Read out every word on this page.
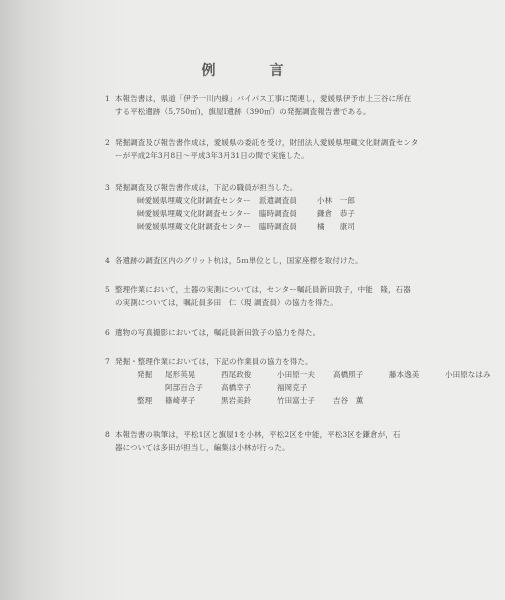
例　言
1 本報告書は，県道「伊予一川内線」バイパス工事に関連し，愛媛県伊予市上三谷に所在
する平松遺跡（5,750㎡)，旗屋Ⅰ遺跡（390㎡）の発掘調査報告書である。
2 発掘調査及び報告書作成は，愛媛県の委託を受け，財団法人愛媛県埋蔵文化財調査センタ
ーが平成2年3月8日～平成3年3月31日の間で実施した。
3 発掘調査及び報告書作成は，下記の職員が担当した。
㈶愛媛県埋蔵文化財調査センター 派遣調査員	小林　一郎
㈶愛媛県埋蔵文化財調査センター 臨時調査員	鎌倉　恭子
㈶愛媛県埋蔵文化財調査センター 臨時調査員	橘　　康司
4 各遺跡の調査区内のグリット杭は，5ｍ単位とし，国家座標を取付けた。
5 整理作業において，土器の実測については，センター嘱託員新田敦子，中能　隆，石器
の実測については，嘱託員多田　仁（現 調査員）の協力を得た。
6 遺物の写真撮影においては，嘱託員新田敦子の協力を得た。
7 発掘・整理作業においては，下記の作業員の協力を得た。
発掘 尾形英晃	西尾政俊	小田原一夫 高橋照子	藤本逸美	小田原なはみ
阿部百合子 高橋幸子	福岡克子
整理 篠崎孝子	黒岩美鈴	竹田富士子 吉谷　薫
8 本報告書の執筆は，平松1区と旗屋1を小林，平松2区を中能，平松3区を鎌倉が，石
器については多田が担当し，編集は小林が行った。
